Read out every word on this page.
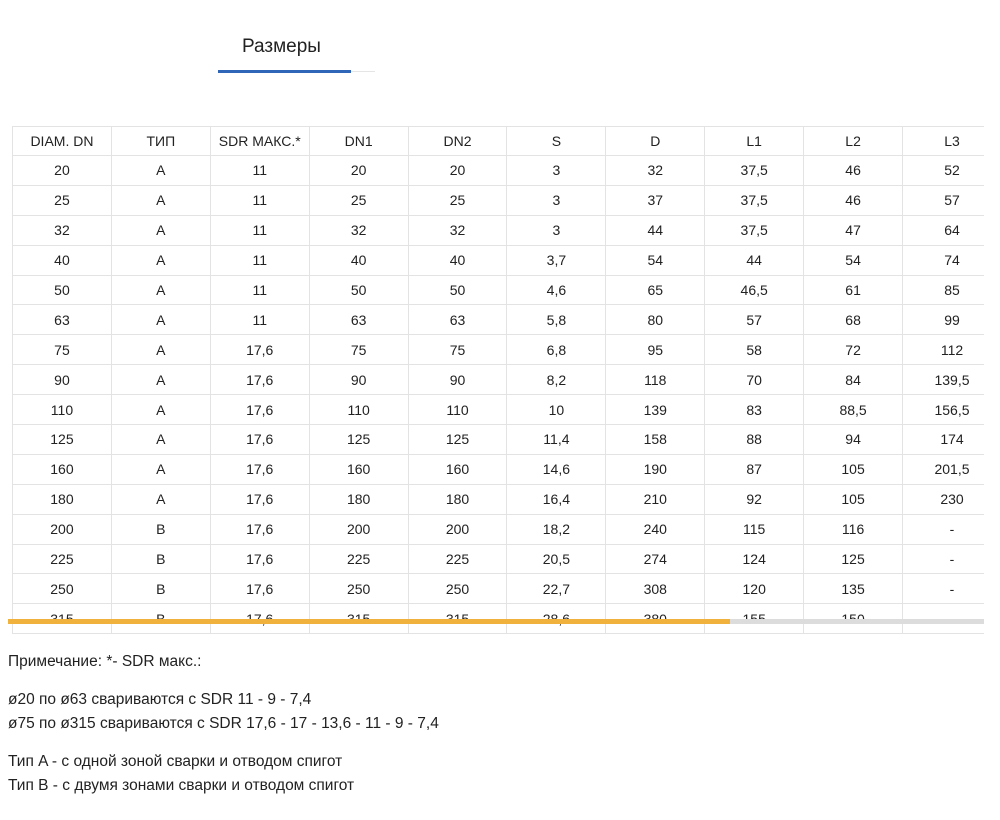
Размеры
DIAM. DN	ТИП	SDR МАКС.*	DN1	DN2	S	D	L1	L2	L3
20	A	11	20	20	3	32	37,5	46	52
25	A	11	25	25	3	37	37,5	46	57
32	A	11	32	32	3	44	37,5	47	64
40	A	11	40	40	3,7	54	44	54	74
50	A	11	50	50	4,6	65	46,5	61	85
63	A	11	63	63	5,8	80	57	68	99
75	A	17,6	75	75	6,8	95	58	72	112
90	A	17,6	90	90	8,2	118	70	84	139,5
110	A	17,6	110	110	10	139	83	88,5	156,5
125	A	17,6	125	125	11,4	158	88	94	174
160	A	17,6	160	160	14,6	190	87	105	201,5
180	A	17,6	180	180	16,4	210	92	105	230
200	B	17,6	200	200	18,2	240	115	116	-
225	B	17,6	225	225	20,5	274	124	125	-
250	B	17,6	250	250	22,7	308	120	135	-

Примечание: *- SDR макс.:

ø20 по ø63 свариваются с SDR 11 - 9 - 7,4

ø75 по ø315 свариваются с SDR 17,6 - 17 - 13,6 - 11 - 9 - 7,4

Тип A - с одной зоной сварки и отводом спигот

Тип B - с двумя зонами сварки и отводом спигот
